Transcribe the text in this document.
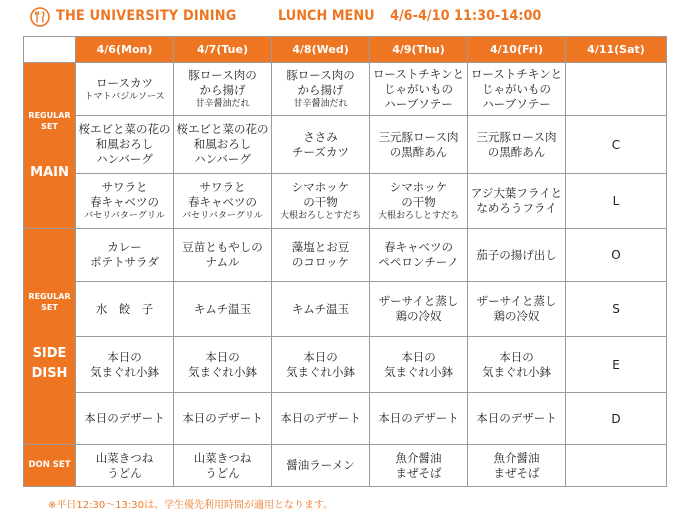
THE UNIVERSITY DINING	LUNCH MENU 4/6-4/10 11:30-14:00
	4/6(Mon)	4/7(Tue)	4/8(Wed)	4/9(Thu)	4/10(Fri)	4/11(Sat)

REGULAR
SET
MAIN	ロースカツ
トマトバジルソース	豚ロース肉の
から揚げ
甘辛醤油だれ	豚ロース肉の
から揚げ
甘辛醤油だれ	ローストチキンと
じゃがいもの
ハーブソテー	ローストチキンと
じゃがいもの
ハーブソテー	

	桜エビと菜の花の
和風おろし
ハンバーグ	桜エビと菜の花の
和風おろし
ハンバーグ	ささみ
チーズカツ	三元豚ロース肉
の黒酢あん	三元豚ロース肉
の黒酢あん	C

	サワラと
春キャベツの
バセリバターグリル	サワラと
春キャベツの
バセリバターグリル	シマホッケ
の干物
大根おろしとすだち	シマホッケ
の干物
大根おろしとすだち	アジ大葉フライと
なめろうフライ	L

REGULAR
SET
SIDE
DISH	カレー
ポテトサラダ	豆苗ともやしの
ナムル	藻塩とお豆
のコロッケ	春キャベツの
ペペロンチーノ	茄子の揚げ出し	O

	水　餃　子	キムチ温玉	キムチ温玉	ザーサイと蒸し
鶏の冷奴	ザーサイと蒸し
鶏の冷奴	S

	本日の
気まぐれ小鉢	本日の
気まぐれ小鉢	本日の
気まぐれ小鉢	本日の
気まぐれ小鉢	本日の
気まぐれ小鉢	E

	本日のデザート	本日のデザート	本日のデザート	本日のデザート	本日のデザート	D

DON SET	山菜きつね
うどん	山菜きつね
うどん	醤油ラーメン	魚介醤油
まぜそば	魚介醤油
まぜそば	

※平日12:30〜13:30は、学生優先利用時間が適用となります。
